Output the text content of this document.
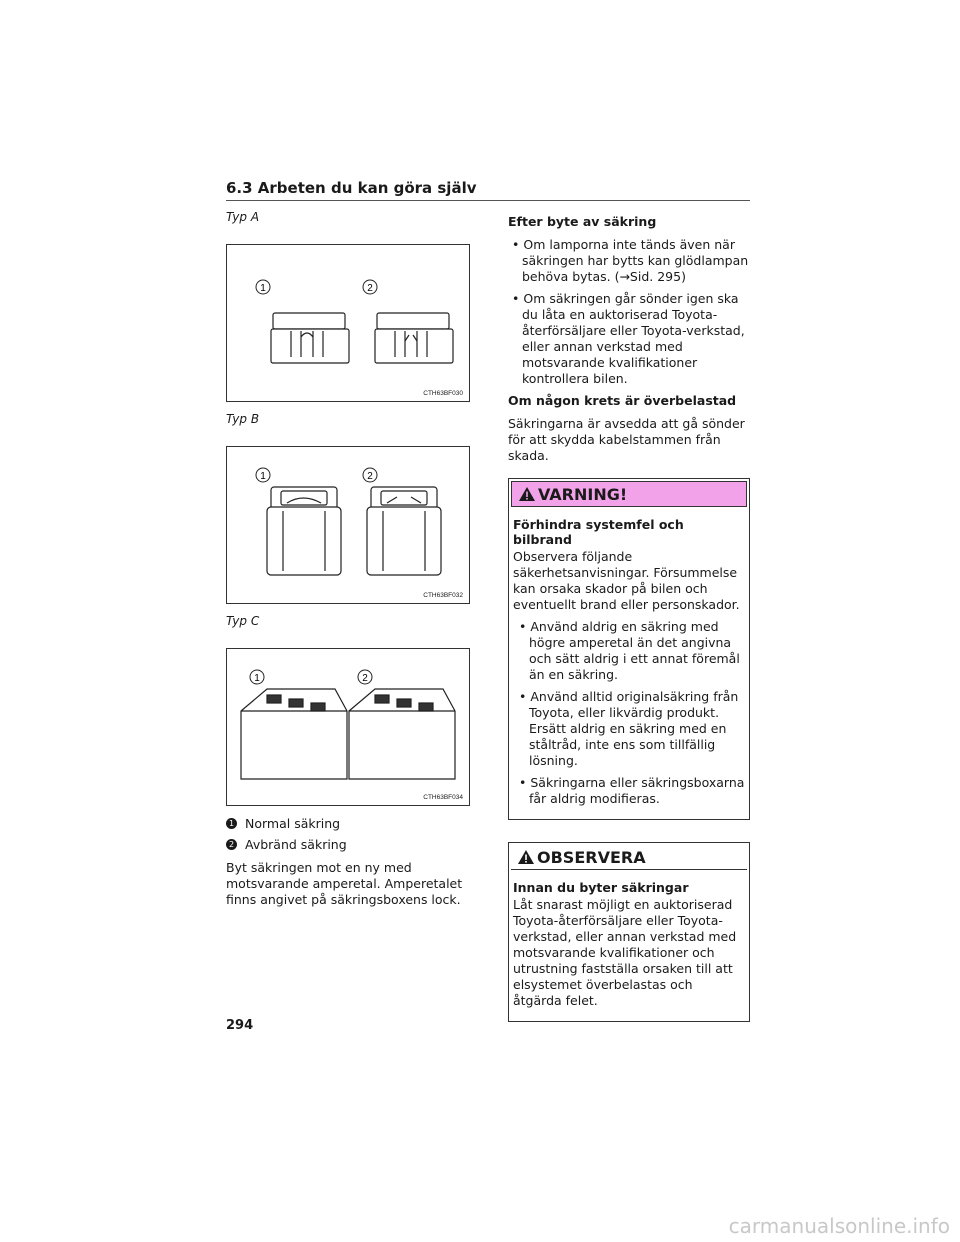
6.3 Arbeten du kan göra själv
Typ A
1	2
CTH63BF030
Typ B
1	2
CTH63BF032
Typ C
1	2
CTH63BF034
1 Normal säkring
2 Avbränd säkring

Byt säkringen mot en ny med motsvarande amperetal. Amperetalet finns angivet på säkringsboxens lock.

Efter byte av säkring
• Om lamporna inte tänds även när säkringen har bytts kan glödlampan behöva bytas. (→Sid. 295)
• Om säkringen går sönder igen ska du låta en auktoriserad Toyota-återförsäljare eller Toyota-verkstad, eller annan verkstad med motsvarande kvalifikationer kontrollera bilen.
Om någon krets är överbelastad

Säkringarna är avsedda att gå sönder för att skydda kabelstammen från skada.

VARNING!
Förhindra systemfel och bilbrand

Observera följande säkerhetsanvisningar. Försummelse kan orsaka skador på bilen och eventuellt brand eller personskador.

• Använd aldrig en säkring med högre amperetal än det angivna och sätt aldrig i ett annat föremål än en säkring.
• Använd alltid originalsäkring från Toyota, eller likvärdig produkt. Ersätt aldrig en säkring med en ståltråd, inte ens som tillfällig lösning.
• Säkringarna eller säkringsboxarna får aldrig modifieras.
OBSERVERA
Innan du byter säkringar

Låt snarast möjligt en auktoriserad Toyota-återförsäljare eller Toyota-verkstad, eller annan verkstad med motsvarande kvalifikationer och utrustning fastställa orsaken till att elsystemet överbelastas och åtgärda felet.

294
carmanualsonline.info
